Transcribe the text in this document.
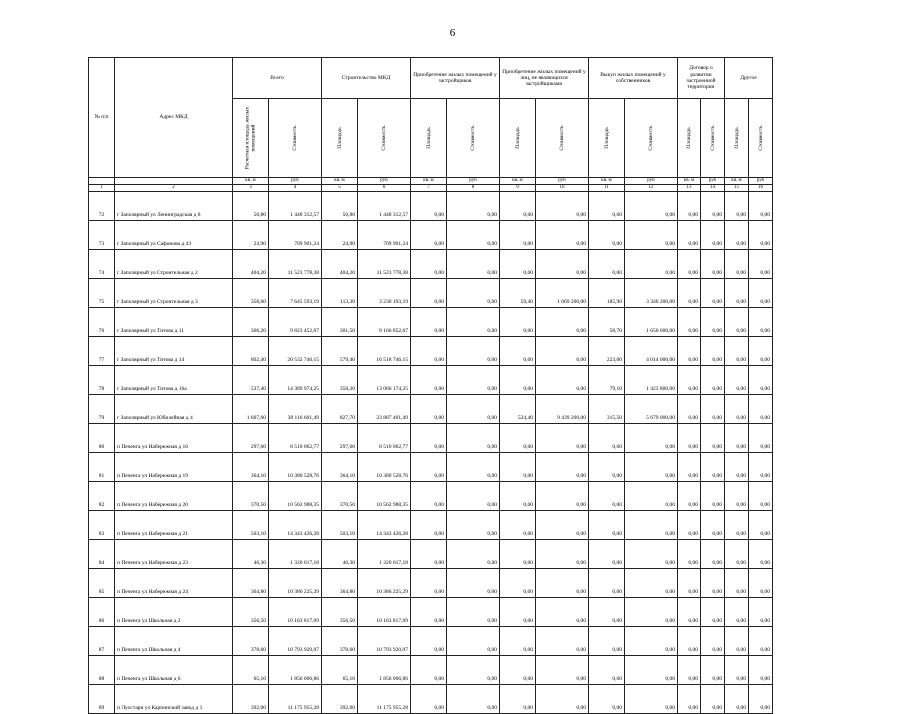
6
№ п/п	Адрес МКД	Всего		Строительство МКД		Приобретение жилых помещений у застройщиков		Приобретение жилых помещений у лиц, не являющихся застройщиками		Выкуп жилых помещений у собственников		Договор о развитии застроенной территории		Другое	

		Расчетная площадь жилых помещений	Стоимость	Площадь	Стоимость	Площадь	Стоимость	Площадь	Стоимость	Площадь	Стоимость	Площадь	Стоимость	Площадь	Стоимость

		кв. м	руб	кв. м	руб	кв. м	руб	кв. м	руб	кв. м	руб	кв. м	руб	кв. м	руб
1	2	3	4	5	6	7	8	9	10	11	12	13	14	15	16
72	г Заполярный ул Ленинградская д 8	50,80	1 448 312,57	50,80	1 448 312,57	0,00	0,00	0,00	0,00	0,00	0,00	0,00	0,00	0,00	0,00
73	г Заполярный ул Сафонова д 43	24,90	709 901,24	24,90	709 901,24	0,00	0,00	0,00	0,00	0,00	0,00	0,00	0,00	0,00	0,00
74	г Заполярный ул Строительная д 2	404,20	11 523 778,38	404,20	11 523 778,38	0,00	0,00	0,00	0,00	0,00	0,00	0,00	0,00	0,00	0,00
75	г Заполярный ул Строительная д 3	358,60	7 645 593,19	113,30	3 230 193,19	0,00	0,00	59,40	1 069 200,00	185,90	3 346 200,00	0,00	0,00	0,00	0,00
76	г Заполярный ул Титова д 11	306,20	9 823 452,67	301,50	8 166 852,67	0,00	0,00	0,00	0,00	58,70	1 656 600,00	0,00	0,00	0,00	0,00
77	г Заполярный ул Титова д 14	802,40	20 532 746,15	579,40	16 518 746,15	0,00	0,00	0,00	0,00	223,00	4 014 000,00	0,00	0,00	0,00	0,00
78	г Заполярный ул Титова д 16а	537,40	14 389 974,25	358,30	13 066 174,25	0,00	0,00	0,00	0,00	79,10	1 423 800,00	0,00	0,00	0,00	0,00
79	г Заполярный ул Юбилейная д 4	1 607,60	38 116 601,49	827,70	23 887 401,49	0,00	0,00	524,40	9 439 200,00	315,50	5 679 000,00	0,00	0,00	0,00	0,00
80	п Печенга ул Набережная д 16	297,60	8 510 062,77	297,60	8 510 062,77	0,00	0,00	0,00	0,00	0,00	0,00	0,00	0,00	0,00	0,00
81	п Печенга ул Набережная д 19	364,10	10 380 528,76	364,10	10 380 528,76	0,00	0,00	0,00	0,00	0,00	0,00	0,00	0,00	0,00	0,00
82	п Печенга ул Набережная д 20	370,50	10 562 988,35	370,50	10 562 988,35	0,00	0,00	0,00	0,00	0,00	0,00	0,00	0,00	0,00	0,00
83	п Печенга ул Набережная д 21	503,10	14 343 426,28	503,10	14 343 426,28	0,00	0,00	0,00	0,00	0,00	0,00	0,00	0,00	0,00	0,00
84	п Печенга ул Набережная д 23	46,30	1 320 017,18	46,30	1 320 017,18	0,00	0,00	0,00	0,00	0,00	0,00	0,00	0,00	0,00	0,00
85	п Печенга ул Набережная д 24	364,80	10 386 225,29	364,80	10 386 225,29	0,00	0,00	0,00	0,00	0,00	0,00	0,00	0,00	0,00	0,00
86	п Печенга ул Школьная д 2	356,50	10 163 817,09	356,50	10 163 817,09	0,00	0,00	0,00	0,00	0,00	0,00	0,00	0,00	0,00	0,00
87	п Печенга ул Школьная д 4	378,60	10 793 920,07	378,60	10 793 920,07	0,00	0,00	0,00	0,00	0,00	0,00	0,00	0,00	0,00	0,00
88	п Печенга ул Школьная д 6	65,10	1 856 006,86	65,10	1 856 006,86	0,00	0,00	0,00	0,00	0,00	0,00	0,00	0,00	0,00	0,00
89	п Луостари ул Карпинский завод д 1	392,00	11 175 955,28	392,00	11 175 955,28	0,00	0,00	0,00	0,00	0,00	0,00	0,00	0,00	0,00	0,00
